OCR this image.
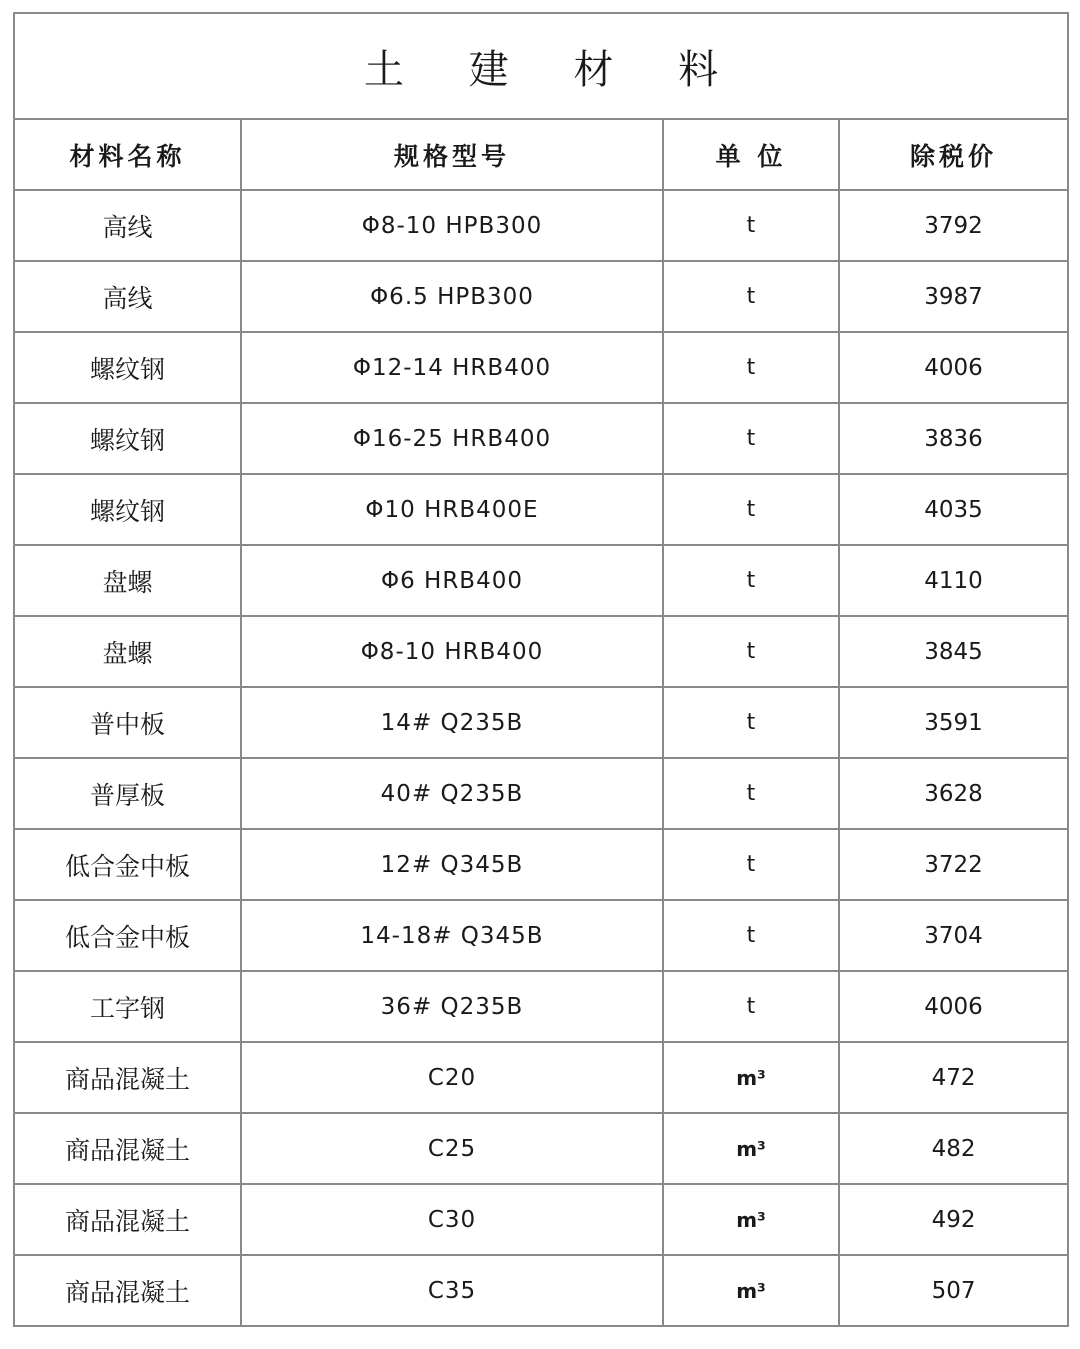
土 建 材 料			
材料名称	规格型号	单 位	除税价
高线	Φ8-10 HPB300	t	3792
高线	Φ6.5 HPB300	t	3987
螺纹钢	Φ12-14 HRB400	t	4006
螺纹钢	Φ16-25 HRB400	t	3836
螺纹钢	Φ10 HRB400E	t	4035
盘螺	Φ6 HRB400	t	4110
盘螺	Φ8-10 HRB400	t	3845
普中板	14# Q235B	t	3591
普厚板	40# Q235B	t	3628
低合金中板	12# Q345B	t	3722
低合金中板	14-18# Q345B	t	3704
工字钢	36# Q235B	t	4006
商品混凝土	C20	m³	472
商品混凝土	C25	m³	482
商品混凝土	C30	m³	492
商品混凝土	C35	m³	507
